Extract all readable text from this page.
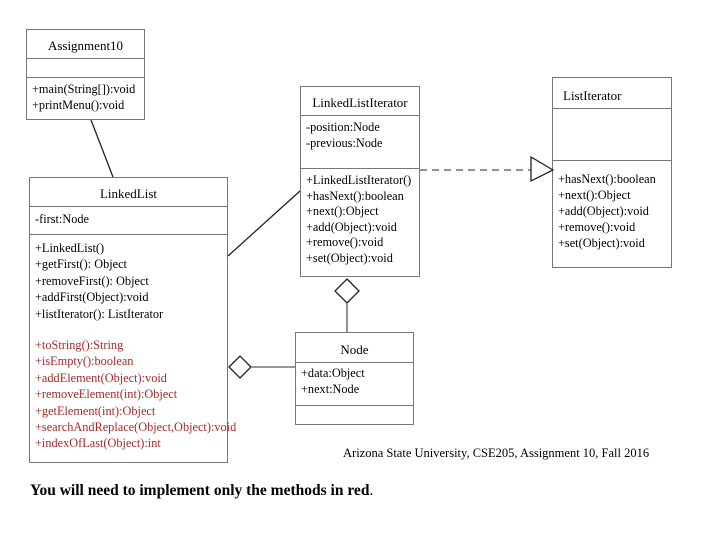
Assignment10
+main(String[]):void
+printMenu():void
LinkedList
-first:Node
+LinkedList()
+getFirst(): Object
+removeFirst(): Object
+addFirst(Object):void
+listIterator(): ListIterator
+toString():String
+isEmpty():boolean
+addElement(Object):void
+removeElement(int):Object
+getElement(int):Object
+searchAndReplace(Object,Object):void
+indexOfLast(Object):int
LinkedListIterator
-position:Node
-previous:Node
+LinkedListIterator()
+hasNext():boolean
+next():Object
+add(Object):void
+remove():void
+set(Object):void
ListIterator
+hasNext():boolean
+next():Object
+add(Object):void
+remove():void
+set(Object):void
Node
+data:Object
+next:Node
Arizona State University, CSE205, Assignment 10, Fall 2016
You will need to implement only the methods in red.
